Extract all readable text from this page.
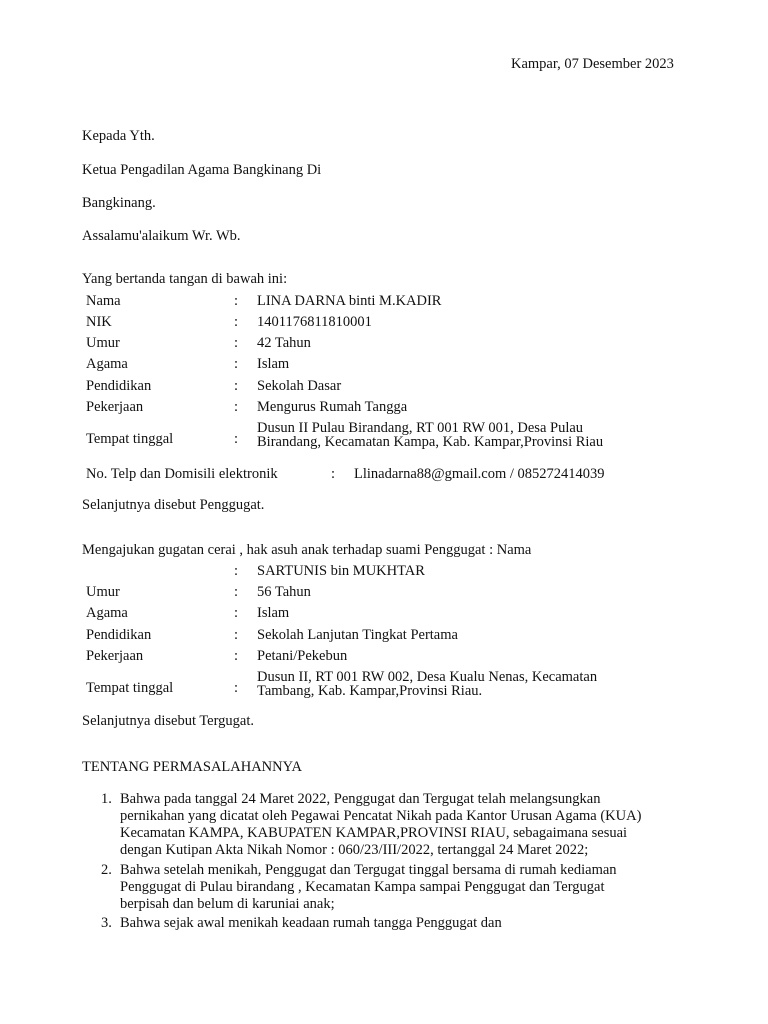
Kampar, 07 Desember 2023
Kepada Yth.
Ketua Pengadilan Agama Bangkinang Di
Bangkinang.
Assalamu'alaikum Wr. Wb.
Yang bertanda tangan di bawah ini:
Nama	: LINA DARNA binti M.KADIR
NIK	: 1401176811810001
Umur	: 42 Tahun
Agama	: Islam
Pendidikan	: Sekolah Dasar
Pekerjaan	: Mengurus Rumah Tangga
Tempat tinggal	:
Dusun II Pulau Birandang, RT 001 RW 001, Desa Pulau
Birandang, Kecamatan Kampa, Kab. Kampar,Provinsi Riau
No. Telp dan Domisili elektronik	: Llinadarna88@gmail.com / 085272414039
Selanjutnya disebut Penggugat.
Mengajukan gugatan cerai , hak asuh anak terhadap suami Penggugat : Nama
: SARTUNIS bin MUKHTAR
Umur	: 56 Tahun
Agama	: Islam
Pendidikan	: Sekolah Lanjutan Tingkat Pertama
Pekerjaan	: Petani/Pekebun
Tempat tinggal	:
Dusun II, RT 001 RW 002, Desa Kualu Nenas, Kecamatan
Tambang, Kab. Kampar,Provinsi Riau.
Selanjutnya disebut Tergugat.
TENTANG PERMASALAHANNYA
1. Bahwa pada tanggal 24 Maret 2022, Penggugat dan Tergugat telah melangsungkan
pernikahan yang dicatat oleh Pegawai Pencatat Nikah pada Kantor Urusan Agama (KUA)
Kecamatan KAMPA, KABUPATEN KAMPAR,PROVINSI RIAU, sebagaimana sesuai
dengan Kutipan Akta Nikah Nomor : 060/23/III/2022, tertanggal 24 Maret 2022;
2. Bahwa setelah menikah, Penggugat dan Tergugat tinggal bersama di rumah kediaman
Penggugat di Pulau birandang , Kecamatan Kampa sampai Penggugat dan Tergugat
berpisah dan belum di karuniai anak;
3. Bahwa sejak awal menikah keadaan rumah tangga Penggugat dan
